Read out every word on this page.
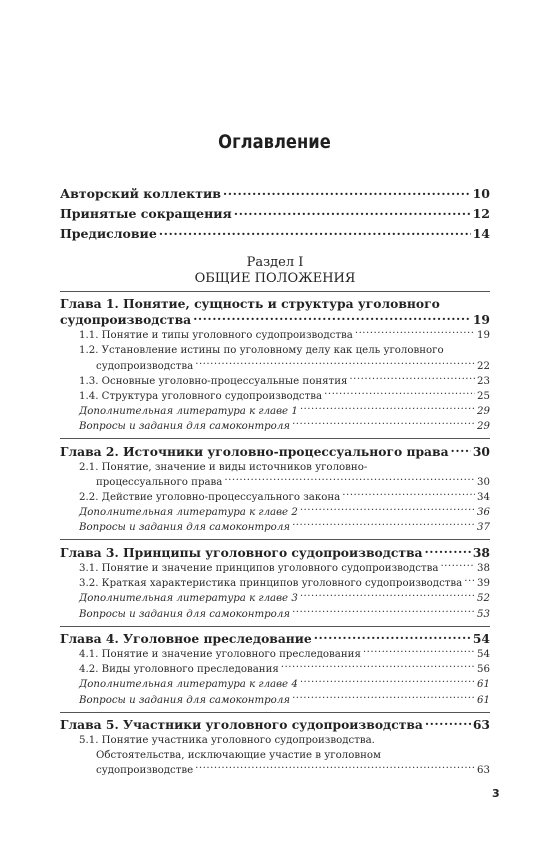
Оглавление
Авторский коллектив .....	10
Принятые сокращения .....	12
Предисловие .....	14
Раздел I
ОБЩИЕ ПОЛОЖЕНИЯ
Глава 1. Понятие, сущность и структура уголовного
судопроизводства .....	19
1.1. Понятие и типы уголовного судопроизводства .....	19
1.2. Установление истины по уголовному делу как цель уголовного
судопроизводства .....	22
1.3. Основные уголовно-процессуальные понятия .....	23
1.4. Структура уголовного судопроизводства .....	25
Дополнительная литература к главе 1 .....	29
Вопросы и задания для самоконтроля .....	29
Глава 2. Источники уголовно-процессуального права ..... 30
2.1. Понятие, значение и виды источников уголовно-
процессуального права .....	30
2.2. Действие уголовно-процессуального закона .....	34
Дополнительная литература к главе 2 .....	36
Вопросы и задания для самоконтроля .....	37
Глава 3. Принципы уголовного судопроизводства .....	38
3.1. Понятие и значение принципов уголовного судопроизводства .....	38
3.2. Краткая характеристика принципов уголовного судопроизводства ..... 39
Дополнительная литература к главе 3 .....	52
Вопросы и задания для самоконтроля .....	53
Глава 4. Уголовное преследование .....	54
4.1. Понятие и значение уголовного преследования .....	54
4.2. Виды уголовного преследования .....	56
Дополнительная литература к главе 4 .....	61
Вопросы и задания для самоконтроля .....	61
Глава 5. Участники уголовного судопроизводства .....	63
5.1. Понятие участника уголовного судопроизводства.
Обстоятельства, исключающие участие в уголовном
судопроизводстве .....	63
3
